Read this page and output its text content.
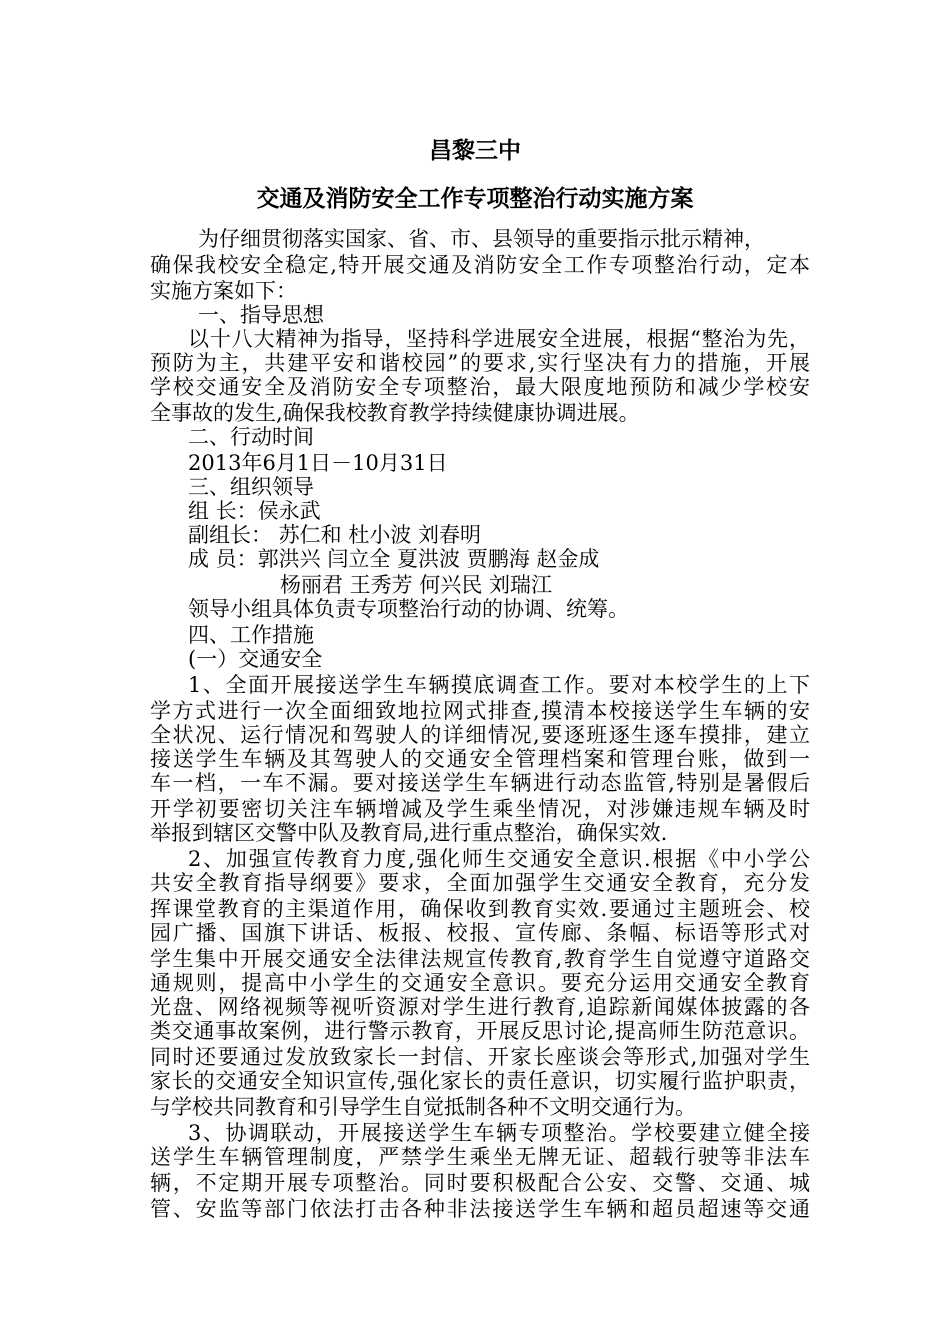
昌黎三中
交通及消防安全工作专项整治行动实施方案
为仔细贯彻落实国家、省、市、县领导的重要指示批示精神，
确保我校安全稳定,特开展交通及消防安全工作专项整治行动，定本
实施方案如下：
一、指导思想
以十八大精神为指导，坚持科学进展安全进展，根据“整治为先，
预防为主，共建平安和谐校园”的要求,实行坚决有力的措施，开展
学校交通安全及消防安全专项整治，最大限度地预防和减少学校安
全事故的发生,确保我校教育教学持续健康协调进展。
二、行动时间
2013年6月1日－10月31日
三、组织领导
组 长：侯永武
副组长： 苏仁和 杜小波 刘春明
成 员：郭洪兴 闫立全 夏洪波 贾鹏海 赵金成
杨丽君 王秀芳 何兴民 刘瑞江
领导小组具体负责专项整治行动的协调、统筹。
四、工作措施
(一）交通安全
1、全面开展接送学生车辆摸底调查工作。要对本校学生的上下
学方式进行一次全面细致地拉网式排查,摸清本校接送学生车辆的安
全状况、运行情况和驾驶人的详细情况,要逐班逐生逐车摸排，建立
接送学生车辆及其驾驶人的交通安全管理档案和管理台账，做到一
车一档，一车不漏。要对接送学生车辆进行动态监管,特别是暑假后
开学初要密切关注车辆增减及学生乘坐情况，对涉嫌违规车辆及时
举报到辖区交警中队及教育局,进行重点整治，确保实效.
2、加强宣传教育力度,强化师生交通安全意识.根据《中小学公
共安全教育指导纲要》要求，全面加强学生交通安全教育，充分发
挥课堂教育的主渠道作用，确保收到教育实效.要通过主题班会、校
园广播、国旗下讲话、板报、校报、宣传廊、条幅、标语等形式对
学生集中开展交通安全法律法规宣传教育,教育学生自觉遵守道路交
通规则，提高中小学生的交通安全意识。要充分运用交通安全教育
光盘、网络视频等视听资源对学生进行教育,追踪新闻媒体披露的各
类交通事故案例，进行警示教育，开展反思讨论,提高师生防范意识。
同时还要通过发放致家长一封信、开家长座谈会等形式,加强对学生
家长的交通安全知识宣传,强化家长的责任意识，切实履行监护职责，
与学校共同教育和引导学生自觉抵制各种不文明交通行为。
3、协调联动，开展接送学生车辆专项整治。学校要建立健全接
送学生车辆管理制度，严禁学生乘坐无牌无证、超载行驶等非法车
辆，不定期开展专项整治。同时要积极配合公安、交警、交通、城
管、安监等部门依法打击各种非法接送学生车辆和超员超速等交通
